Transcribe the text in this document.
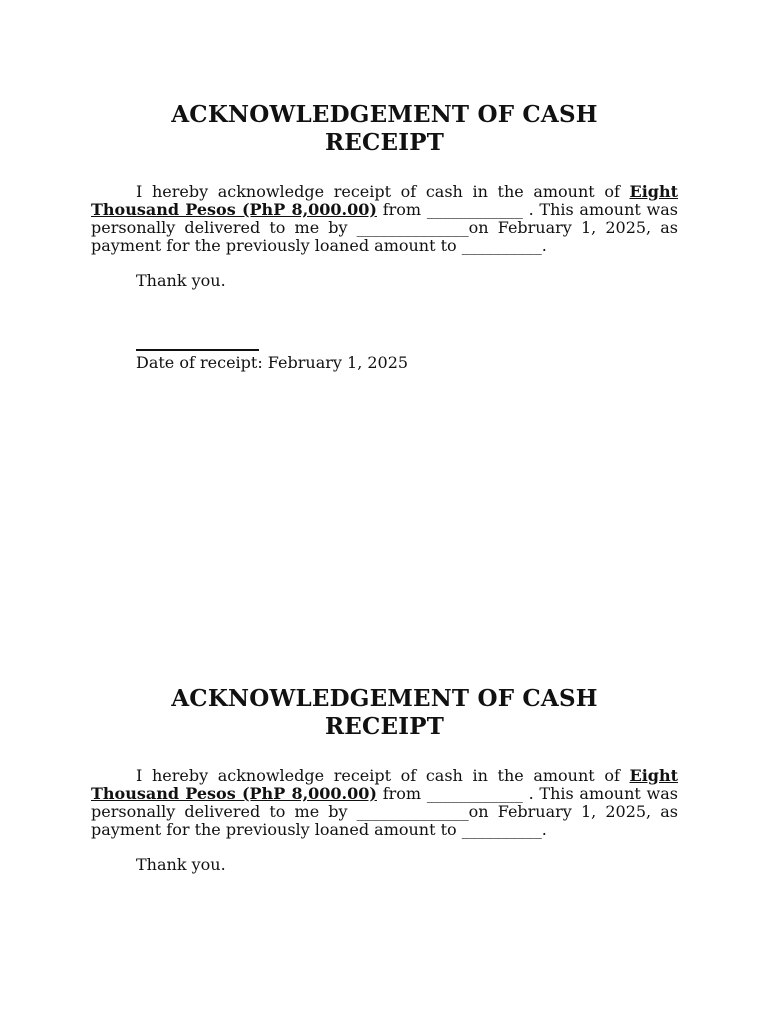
ACKNOWLEDGEMENT OF CASH
RECEIPT

I hereby acknowledge receipt of cash in the amount of Eight Thousand Pesos (PhP 8,000.00) from ____________ . This amount was personally delivered to me by ______________on February 1, 2025, as payment for the previously loaned amount to __________.

Thank you.

Date of receipt: February 1, 2025

ACKNOWLEDGEMENT OF CASH
RECEIPT

I hereby acknowledge receipt of cash in the amount of Eight Thousand Pesos (PhP 8,000.00) from ____________ . This amount was personally delivered to me by ______________on February 1, 2025, as payment for the previously loaned amount to __________.

Thank you.
